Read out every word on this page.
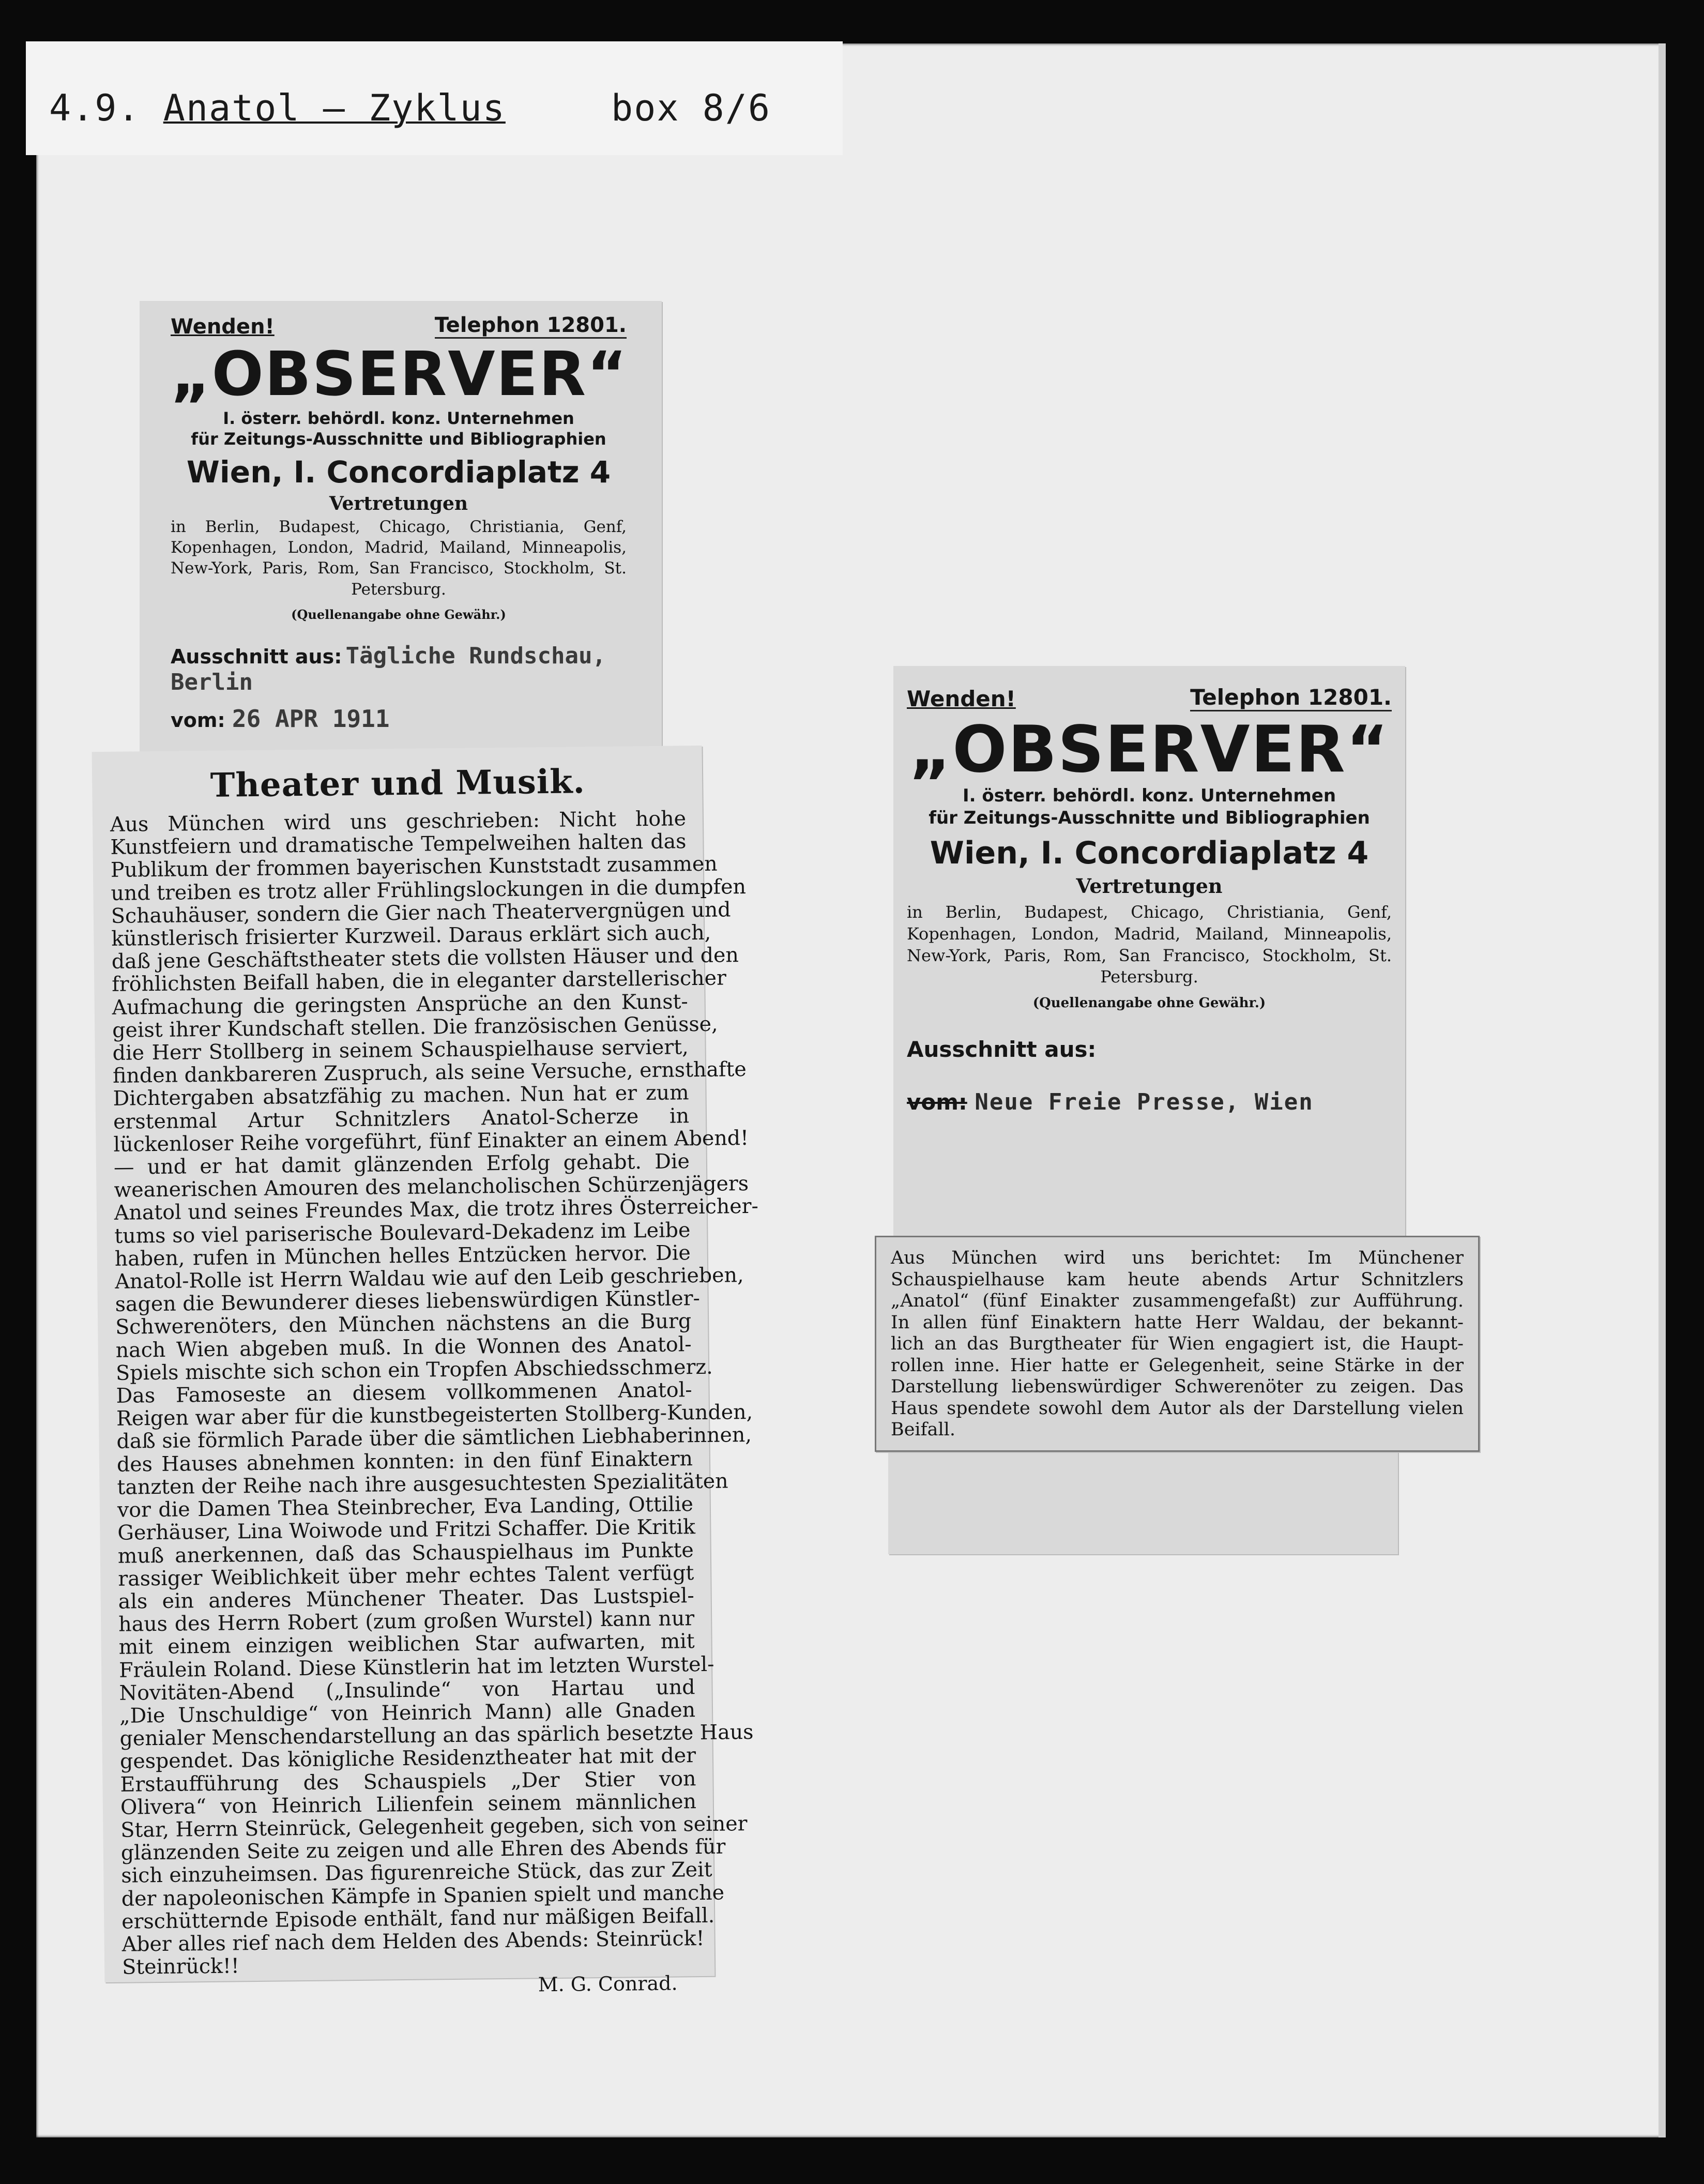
4.9. Anatol – Zyklus	box 8/6
Wenden!	Telephon 12801.
„OBSERVER“
I. österr. behördl. konz. Unternehmen
für Zeitungs-Ausschnitte und Bibliographien
Wien, I. Concordiaplatz 4
Vertretungen
in Berlin, Budapest, Chicago, Christiania, Genf, Kopenhagen, London, Madrid, Mailand, Minneapolis, New-York, Paris, Rom, San Francisco, Stockholm, St. Petersburg.
(Quellenangabe ohne Gewähr.)
Ausschnitt aus: Tägliche Rundschau, Berlin
vom: 26 APR 1911
Theater und Musik.
Aus München wird uns geschrieben: Nicht hohe
Kunstfeiern und dramatische Tempelweihen halten das
Publikum der frommen bayerischen Kunststadt zusammen
und treiben es trotz aller Frühlingslockungen in die dumpfen
Schauhäuser, sondern die Gier nach Theatervergnügen und
künstlerisch frisierter Kurzweil. Daraus erklärt sich auch,
daß jene Geschäftstheater stets die vollsten Häuser und den
fröhlichsten Beifall haben, die in eleganter darstellerischer
Aufmachung die geringsten Ansprüche an den Kunst-
geist ihrer Kundschaft stellen. Die französischen Genüsse,
die Herr Stollberg in seinem Schauspielhause serviert,
finden dankbareren Zuspruch, als seine Versuche, ernsthafte
Dichtergaben absatzfähig zu machen. Nun hat er zum
erstenmal Artur Schnitzlers Anatol-Scherze in
lückenloser Reihe vorgeführt, fünf Einakter an einem Abend!
— und er hat damit glänzenden Erfolg gehabt. Die
weanerischen Amouren des melancholischen Schürzenjägers
Anatol und seines Freundes Max, die trotz ihres Österreicher-
tums so viel pariserische Boulevard-Dekadenz im Leibe
haben, rufen in München helles Entzücken hervor. Die
Anatol-Rolle ist Herrn Waldau wie auf den Leib geschrieben,
sagen die Bewunderer dieses liebenswürdigen Künstler-
Schwerenöters, den München nächstens an die Burg
nach Wien abgeben muß. In die Wonnen des Anatol-
Spiels mischte sich schon ein Tropfen Abschiedsschmerz.
Das Famoseste an diesem vollkommenen Anatol-
Reigen war aber für die kunstbegeisterten Stollberg-Kunden,
daß sie förmlich Parade über die sämtlichen Liebhaberinnen,
des Hauses abnehmen konnten: in den fünf Einaktern
tanzten der Reihe nach ihre ausgesuchtesten Spezialitäten
vor die Damen Thea Steinbrecher, Eva Landing, Ottilie
Gerhäuser, Lina Woiwode und Fritzi Schaffer. Die Kritik
muß anerkennen, daß das Schauspielhaus im Punkte
rassiger Weiblichkeit über mehr echtes Talent verfügt
als ein anderes Münchener Theater. Das Lustspiel-
haus des Herrn Robert (zum großen Wurstel) kann nur
mit einem einzigen weiblichen Star aufwarten, mit
Fräulein Roland. Diese Künstlerin hat im letzten Wurstel-
Novitäten-Abend („Insulinde“ von Hartau und
„Die Unschuldige“ von Heinrich Mann) alle Gnaden
genialer Menschendarstellung an das spärlich besetzte Haus
gespendet. Das königliche Residenztheater hat mit der
Erstaufführung des Schauspiels „Der Stier von
Olivera“ von Heinrich Lilienfein seinem männlichen
Star, Herrn Steinrück, Gelegenheit gegeben, sich von seiner
glänzenden Seite zu zeigen und alle Ehren des Abends für
sich einzuheimsen. Das figurenreiche Stück, das zur Zeit
der napoleonischen Kämpfe in Spanien spielt und manche
erschütternde Episode enthält, fand nur mäßigen Beifall.
Aber alles rief nach dem Helden des Abends: Steinrück!
Steinrück!!
M. G. Conrad.
Wenden!	Telephon 12801.
„OBSERVER“
I. österr. behördl. konz. Unternehmen
für Zeitungs-Ausschnitte und Bibliographien
Wien, I. Concordiaplatz 4
Vertretungen
in Berlin, Budapest, Chicago, Christiania, Genf, Kopenhagen, London, Madrid, Mailand, Minneapolis, New-York, Paris, Rom, San Francisco, Stockholm, St. Petersburg.
(Quellenangabe ohne Gewähr.)
Ausschnitt aus:
vom: Neue Freie Presse, Wien
Aus München wird uns berichtet: Im Münchener
Schauspielhause kam heute abends Artur Schnitzlers
„Anatol“ (fünf Einakter zusammengefaßt) zur Aufführung.
In allen fünf Einaktern hatte Herr Waldau, der bekannt-
lich an das Burgtheater für Wien engagiert ist, die Haupt-
rollen inne. Hier hatte er Gelegenheit, seine Stärke in der
Darstellung liebenswürdiger Schwerenöter zu zeigen. Das
Haus spendete sowohl dem Autor als der Darstellung vielen
Beifall.
